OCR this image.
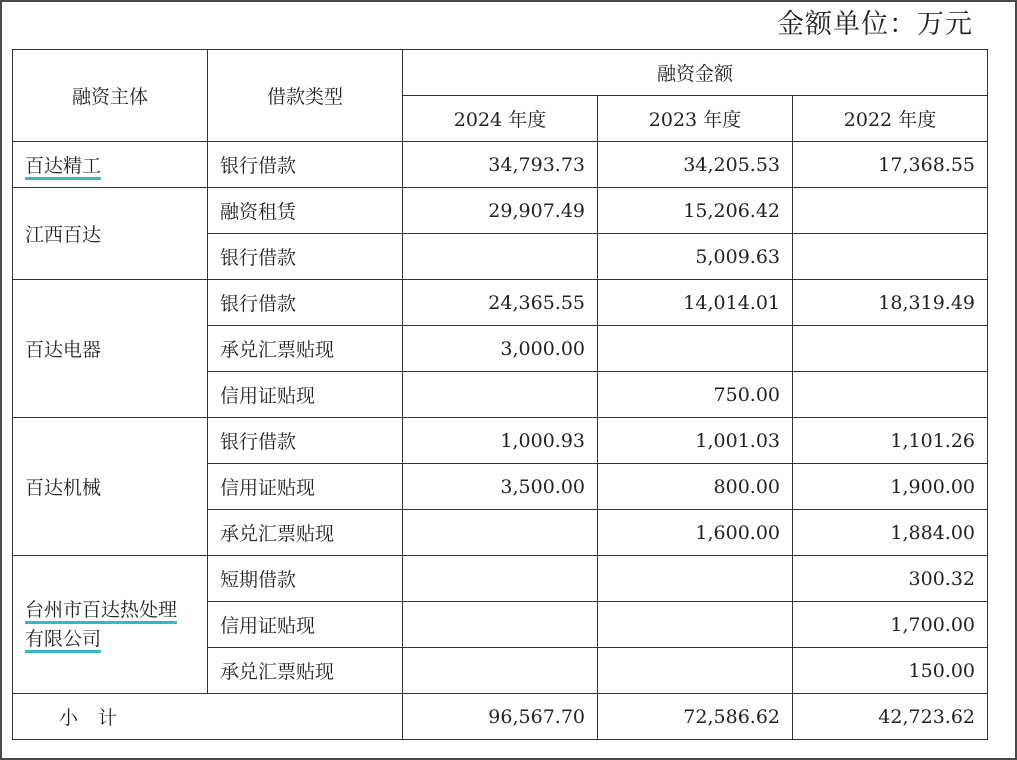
金额单位：万元
融资主体	借款类型	融资金额		
		2024 年度	2023 年度	2022 年度
百达精工	银行借款	34,793.73	34,205.53	17,368.55
江西百达	融资租赁	29,907.49	15,206.42	
	银行借款		5,009.63	
百达电器	银行借款	24,365.55	14,014.01	18,319.49
	承兑汇票贴现	3,000.00		
	信用证贴现		750.00	
百达机械	银行借款	1,000.93	1,001.03	1,101.26
	信用证贴现	3,500.00	800.00	1,900.00
	承兑汇票贴现		1,600.00	1,884.00
台州市百达热处理
有限公司	短期借款			300.32
	信用证贴现			1,700.00
	承兑汇票贴现			150.00
小计		96,567.70	72,586.62	42,723.62
